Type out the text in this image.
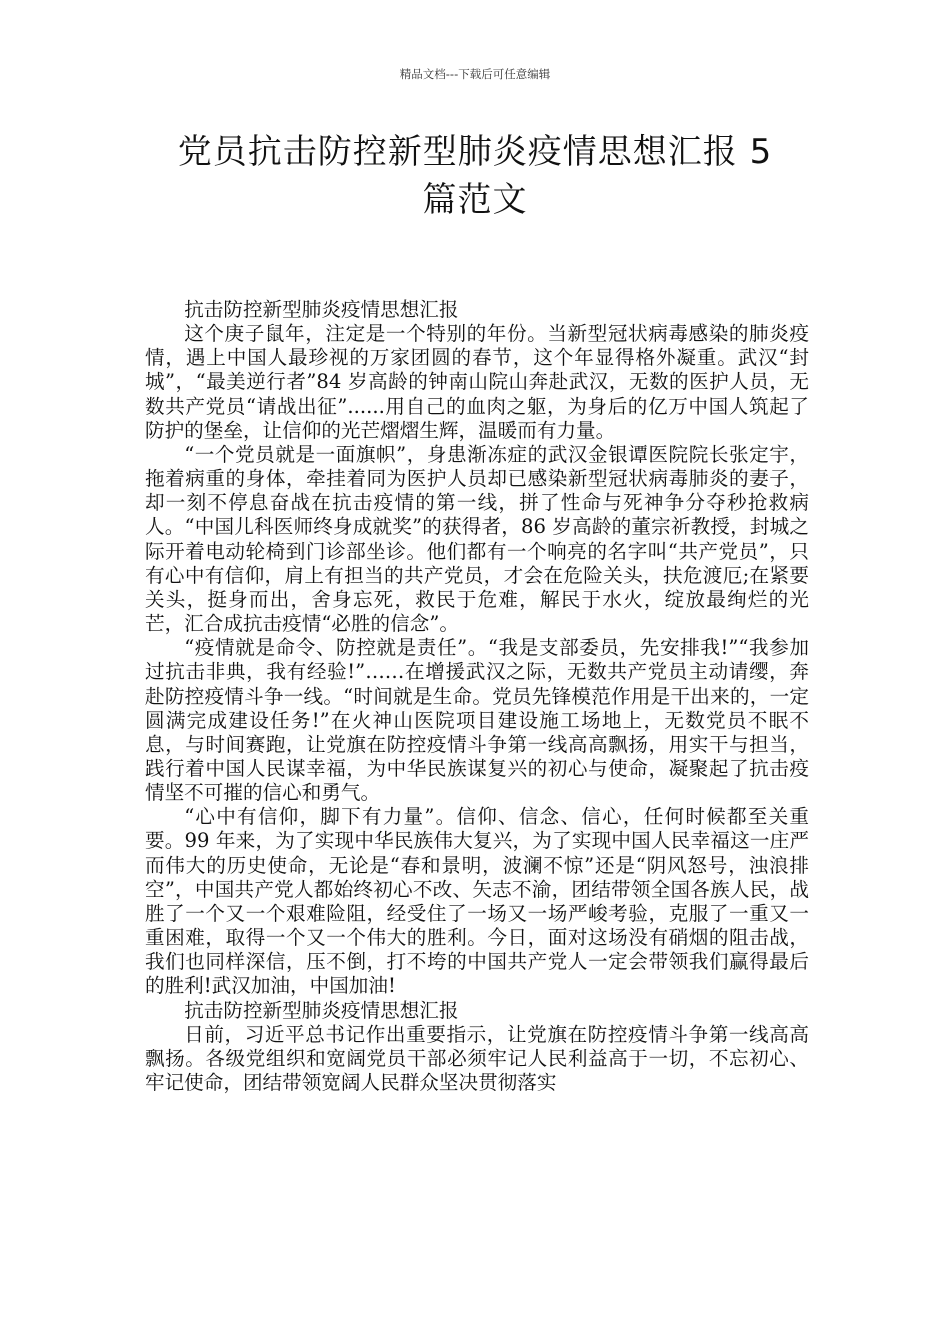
精品文档---下载后可任意编辑
党员抗击防控新型肺炎疫情思想汇报 5
篇范文

抗击防控新型肺炎疫情思想汇报

这个庚子鼠年，注定是一个特别的年份。当新型冠状病毒感染的肺炎疫情，遇上中国人最珍视的万家团圆的春节，这个年显得格外凝重。武汉“封城”，“最美逆行者”84 岁高龄的钟南山院山奔赴武汉，无数的医护人员，无数共产党员“请战出征”......用自己的血肉之躯，为身后的亿万中国人筑起了防护的堡垒，让信仰的光芒熠熠生辉，温暖而有力量。

“一个党员就是一面旗帜”，身患渐冻症的武汉金银谭医院院长张定宇，拖着病重的身体，牵挂着同为医护人员却已感染新型冠状病毒肺炎的妻子，却一刻不停息奋战在抗击疫情的第一线，拼了性命与死神争分夺秒抢救病人。“中国儿科医师终身成就奖”的获得者，86 岁高龄的董宗祈教授，封城之际开着电动轮椅到门诊部坐诊。他们都有一个响亮的名字叫“共产党员”，只有心中有信仰，肩上有担当的共产党员，才会在危险关头，扶危渡厄;在紧要关头，挺身而出，舍身忘死，救民于危难，解民于水火，绽放最绚烂的光芒，汇合成抗击疫情“必胜的信念”。

“疫情就是命令、防控就是责任”。“我是支部委员，先安排我!”“我参加过抗击非典，我有经验!”……在增援武汉之际，无数共产党员主动请缨，奔赴防控疫情斗争一线。“时间就是生命。党员先锋模范作用是干出来的，一定圆满完成建设任务!”在火神山医院项目建设施工场地上，无数党员不眠不息，与时间赛跑，让党旗在防控疫情斗争第一线高高飘扬，用实干与担当，践行着中国人民谋幸福，为中华民族谋复兴的初心与使命，凝聚起了抗击疫情坚不可摧的信心和勇气。

“心中有信仰，脚下有力量”。信仰、信念、信心，任何时候都至关重要。99 年来，为了实现中华民族伟大复兴，为了实现中国人民幸福这一庄严而伟大的历史使命，无论是“春和景明，波澜不惊”还是“阴风怒号，浊浪排空”，中国共产党人都始终初心不改、矢志不渝，团结带领全国各族人民，战胜了一个又一个艰难险阻，经受住了一场又一场严峻考验，克服了一重又一重困难，取得一个又一个伟大的胜利。今日，面对这场没有硝烟的阻击战，我们也同样深信，压不倒，打不垮的中国共产党人一定会带领我们赢得最后的胜利!武汉加油，中国加油!

抗击防控新型肺炎疫情思想汇报

日前，习近平总书记作出重要指示，让党旗在防控疫情斗争第一线高高飘扬。各级党组织和宽阔党员干部必须牢记人民利益高于一切，不忘初心、牢记使命，团结带领宽阔人民群众坚决贯彻落实
